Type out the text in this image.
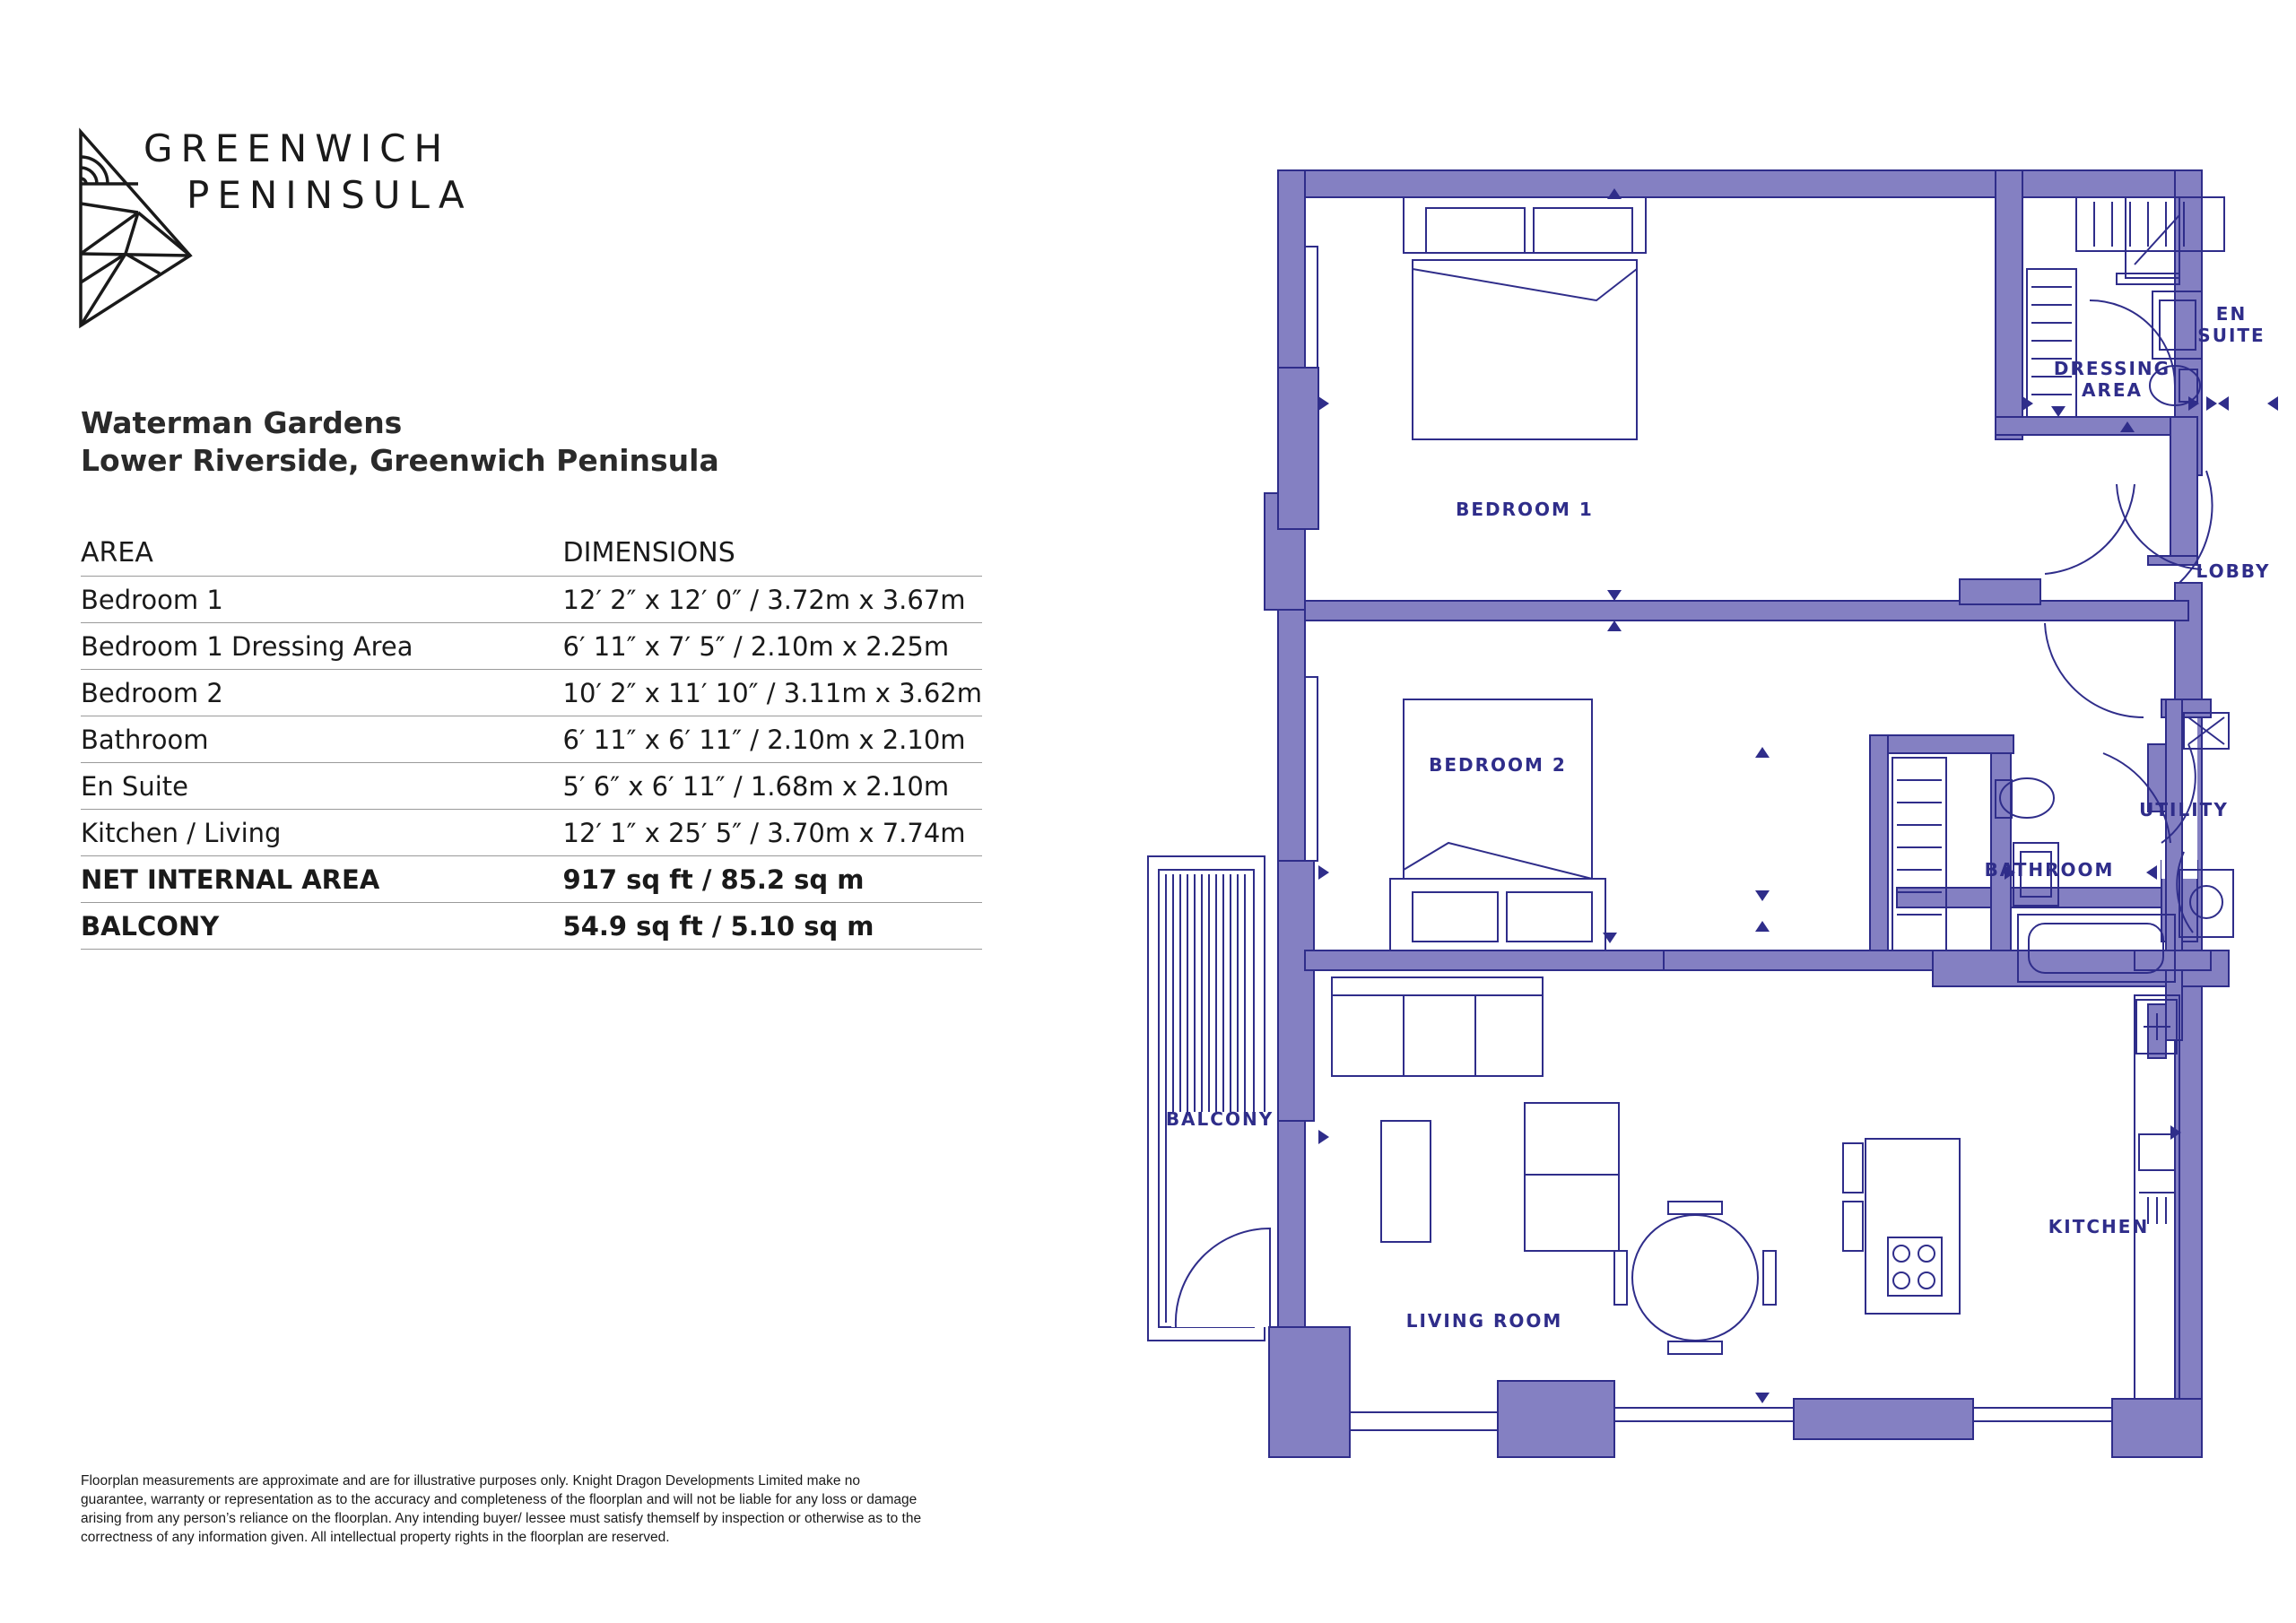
GREENWICH
PENINSULA
Waterman Gardens
Lower Riverside, Greenwich Peninsula
AREA	DIMENSIONS
Bedroom 1	12′ 2″ x 12′ 0″ / 3.72m x 3.67m
Bedroom 1 Dressing Area	6′ 11″ x 7′ 5″ / 2.10m x 2.25m
Bedroom 2	10′ 2″ x 11′ 10″ / 3.11m x 3.62m
Bathroom	6′ 11″ x 6′ 11″ / 2.10m x 2.10m
En Suite	5′ 6″ x 6′ 11″ / 1.68m x 2.10m
Kitchen / Living	12′ 1″ x 25′ 5″ / 3.70m x 7.74m
NET INTERNAL AREA	917 sq ft / 85.2 sq m
BALCONY	54.9 sq ft / 5.10 sq m
Floorplan measurements are approximate and are for illustrative purposes only. Knight Dragon Developments Limited make no guarantee, warranty or representation as to the accuracy and completeness of the floorplan and will not be liable for any loss or damage arising from any person’s reliance on the floorplan. Any intending buyer/ lessee must satisfy themself by inspection or otherwise as to the correctness of any information given. All intellectual property rights in the floorplan are reserved.
BEDROOM 1
DRESSING
AREA
EN
SUITE
LOBBY
BEDROOM 2
BATHROOM
UTILITY
BALCONY
KITCHEN
LIVING ROOM
